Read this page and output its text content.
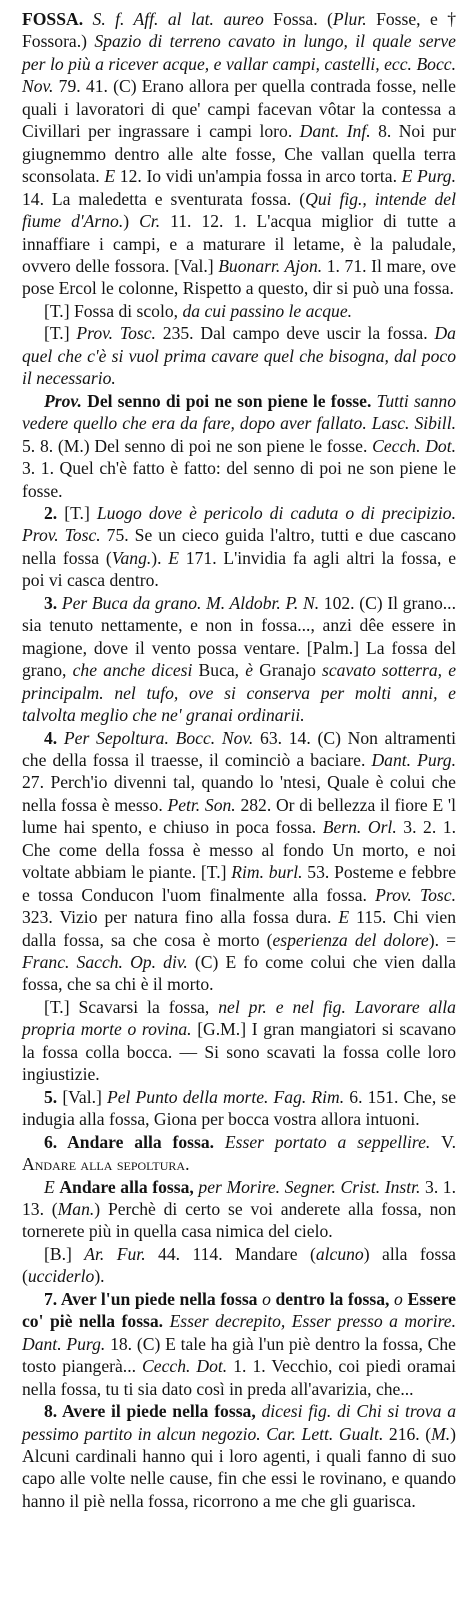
FOSSA. S. f. Aff. al lat. aureo Fossa. (Plur. Fosse, e † Fossora.) Spazio di terreno cavato in lungo, il quale serve per lo più a ricever acque, e vallar campi, castelli, ecc. Bocc. Nov. 79. 41. (C) Erano allora per quella contrada fosse, nelle quali i lavoratori di que' campi facevan vôtar la contessa a Civillari per ingrassare i campi loro. Dant. Inf. 8. Noi pur giugnemmo dentro alle alte fosse, Che vallan quella terra sconsolata. E 12. Io vidi un'ampia fossa in arco torta. E Purg. 14. La maledetta e sventurata fossa. (Qui fig., intende del fiume d'Arno.) Cr. 11. 12. 1. L'acqua miglior di tutte a innaffiare i campi, e a maturare il letame, è la paludale, ovvero delle fossora. [Val.] Buonarr. Ajon. 1. 71. Il mare, ove pose Ercol le colonne, Rispetto a questo, dir si può una fossa.

[T.] Fossa di scolo, da cui passino le acque.

[T.] Prov. Tosc. 235. Dal campo deve uscir la fossa. Da quel che c'è si vuol prima cavare quel che bisogna, dal poco il necessario.

Prov. Del senno di poi ne son piene le fosse. Tutti sanno vedere quello che era da fare, dopo aver fallato. Lasc. Sibill. 5. 8. (M.) Del senno di poi ne son piene le fosse. Cecch. Dot. 3. 1. Quel ch'è fatto è fatto: del senno di poi ne son piene le fosse.

2. [T.] Luogo dove è pericolo di caduta o di precipizio. Prov. Tosc. 75. Se un cieco guida l'altro, tutti e due cascano nella fossa (Vang.). E 171. L'invidia fa agli altri la fossa, e poi vi casca dentro.

3. Per Buca da grano. M. Aldobr. P. N. 102. (C) Il grano... sia tenuto nettamente, e non in fossa..., anzi dêe essere in magione, dove il vento possa ventare. [Palm.] La fossa del grano, che anche dicesi Buca, è Granajo scavato sotterra, e principalm. nel tufo, ove si conserva per molti anni, e talvolta meglio che ne' granai ordinarii.

4. Per Sepoltura. Bocc. Nov. 63. 14. (C) Non altramenti che della fossa il traesse, il cominciò a baciare. Dant. Purg. 27. Perch'io divenni tal, quando lo 'ntesi, Quale è colui che nella fossa è messo. Petr. Son. 282. Or di bellezza il fiore E 'l lume hai spento, e chiuso in poca fossa. Bern. Orl. 3. 2. 1. Che come della fossa è messo al fondo Un morto, e noi voltate abbiam le piante. [T.] Rim. burl. 53. Posteme e febbre e tossa Conducon l'uom finalmente alla fossa. Prov. Tosc. 323. Vizio per natura fino alla fossa dura. E 115. Chi vien dalla fossa, sa che cosa è morto (esperienza del dolore). = Franc. Sacch. Op. div. (C) E fo come colui che vien dalla fossa, che sa chi è il morto.

[T.] Scavarsi la fossa, nel pr. e nel fig. Lavorare alla propria morte o rovina. [G.M.] I gran mangiatori si scavano la fossa colla bocca. — Si sono scavati la fossa colle loro ingiustizie.

5. [Val.] Pel Punto della morte. Fag. Rim. 6. 151. Che, se indugia alla fossa, Giona per bocca vostra allora intuoni.

6. Andare alla fossa. Esser portato a seppellire. V. Andare alla sepoltura.

E Andare alla fossa, per Morire. Segner. Crist. Instr. 3. 1. 13. (Man.) Perchè di certo se voi anderete alla fossa, non tornerete più in quella casa nimica del cielo.

[B.] Ar. Fur. 44. 114. Mandare (alcuno) alla fossa (ucciderlo).

7. Aver l'un piede nella fossa o dentro la fossa, o Essere co' piè nella fossa. Esser decrepito, Esser presso a morire. Dant. Purg. 18. (C) E tale ha già l'un piè dentro la fossa, Che tosto piangerà... Cecch. Dot. 1. 1. Vecchio, coi piedi oramai nella fossa, tu ti sia dato così in preda all'avarizia, che...

8. Avere il piede nella fossa, dicesi fig. di Chi si trova a pessimo partito in alcun negozio. Car. Lett. Gualt. 216. (M.) Alcuni cardinali hanno qui i loro agenti, i quali fanno di suo capo alle volte nelle cause, fin che essi le rovinano, e quando hanno il piè nella fossa, ricorrono a me che gli guarisca.
